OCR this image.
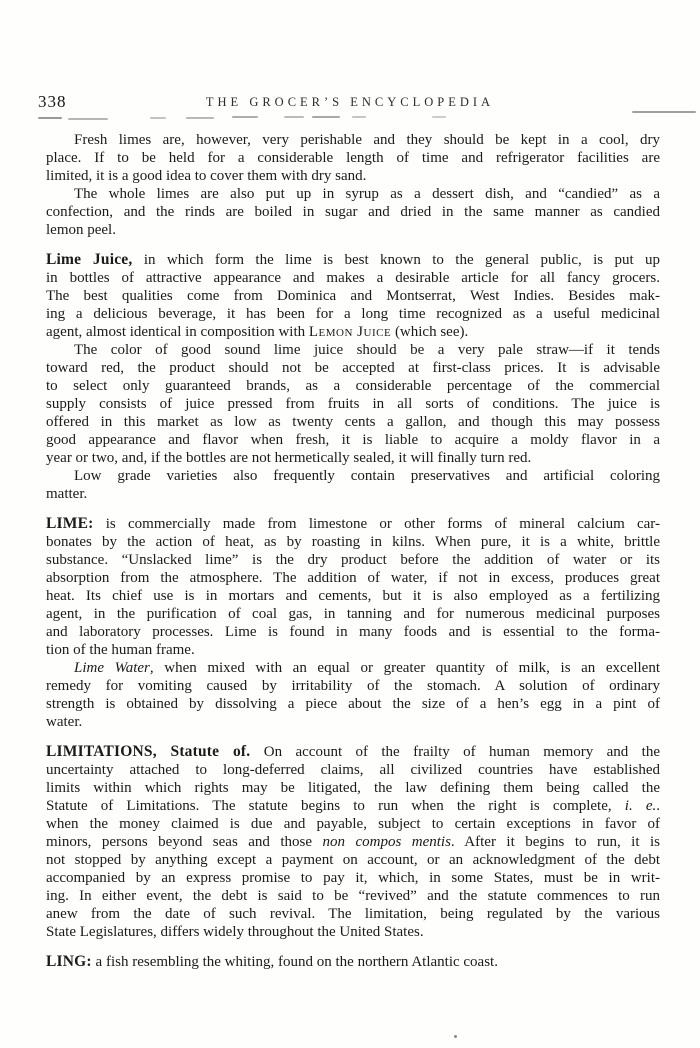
338	THE GROCER’S ENCYCLOPEDIA
Fresh limes are, however, very perishable and they should be kept in a cool, dry
place. If to be held for a considerable length of time and refrigerator facilities are
limited, it is a good idea to cover them with dry sand.
The whole limes are also put up in syrup as a dessert dish, and “candied” as a
confection, and the rinds are boiled in sugar and dried in the same manner as candied
lemon peel.
Lime Juice, in which form the lime is best known to the general public, is put up
in bottles of attractive appearance and makes a desirable article for all fancy grocers.
The best qualities come from Dominica and Montserrat, West Indies. Besides mak-
ing a delicious beverage, it has been for a long time recognized as a useful medicinal
agent, almost identical in composition with Lemon Juice (which see).
The color of good sound lime juice should be a very pale straw—if it tends
toward red, the product should not be accepted at first-class prices. It is advisable
to select only guaranteed brands, as a considerable percentage of the commercial
supply consists of juice pressed from fruits in all sorts of conditions. The juice is
offered in this market as low as twenty cents a gallon, and though this may possess
good appearance and flavor when fresh, it is liable to acquire a moldy flavor in a
year or two, and, if the bottles are not hermetically sealed, it will finally turn red.
Low grade varieties also frequently contain preservatives and artificial coloring
matter.
LIME: is commercially made from limestone or other forms of mineral calcium car-
bonates by the action of heat, as by roasting in kilns. When pure, it is a white, brittle
substance. “Unslacked lime” is the dry product before the addition of water or its
absorption from the atmosphere. The addition of water, if not in excess, produces great
heat. Its chief use is in mortars and cements, but it is also employed as a fertilizing
agent, in the purification of coal gas, in tanning and for numerous medicinal purposes
and laboratory processes. Lime is found in many foods and is essential to the forma-
tion of the human frame.
Lime Water, when mixed with an equal or greater quantity of milk, is an excellent
remedy for vomiting caused by irritability of the stomach. A solution of ordinary
strength is obtained by dissolving a piece about the size of a hen’s egg in a pint of
water.
LIMITATIONS, Statute of. On account of the frailty of human memory and the
uncertainty attached to long-deferred claims, all civilized countries have established
limits within which rights may be litigated, the law defining them being called the
Statute of Limitations. The statute begins to run when the right is complete, i. e..
when the money claimed is due and payable, subject to certain exceptions in favor of
minors, persons beyond seas and those non compos mentis. After it begins to run, it is
not stopped by anything except a payment on account, or an acknowledgment of the debt
accompanied by an express promise to pay it, which, in some States, must be in writ-
ing. In either event, the debt is said to be “revived” and the statute commences to run
anew from the date of such revival. The limitation, being regulated by the various
State Legislatures, differs widely throughout the United States.
LING: a fish resembling the whiting, found on the northern Atlantic coast.
